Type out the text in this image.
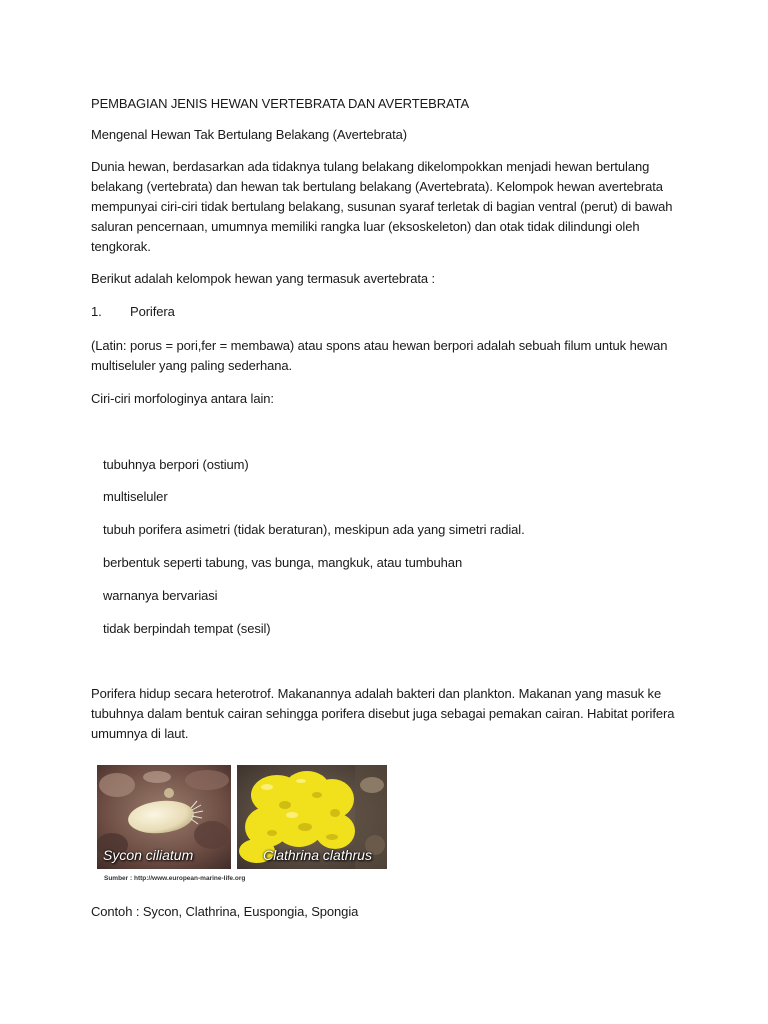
PEMBAGIAN JENIS HEWAN VERTEBRATA DAN AVERTEBRATA
Mengenal Hewan Tak Bertulang Belakang (Avertebrata)
Dunia hewan, berdasarkan ada tidaknya tulang belakang dikelompokkan menjadi hewan bertulang
belakang (vertebrata) dan hewan tak bertulang belakang (Avertebrata). Kelompok hewan avertebrata
mempunyai ciri-ciri tidak bertulang belakang, susunan syaraf terletak di bagian ventral (perut) di bawah
saluran pencernaan, umumnya memiliki rangka luar (eksoskeleton) dan otak tidak dilindungi oleh
tengkorak.
Berikut adalah kelompok hewan yang termasuk avertebrata :
1. Porifera
(Latin: porus = pori,fer = membawa) atau spons atau hewan berpori adalah sebuah filum untuk hewan
multiseluler yang paling sederhana.
Ciri-ciri morfologinya antara lain:
tubuhnya berpori (ostium)
multiseluler
tubuh porifera asimetri (tidak beraturan), meskipun ada yang simetri radial.
berbentuk seperti tabung, vas bunga, mangkuk, atau tumbuhan
warnanya bervariasi
tidak berpindah tempat (sesil)
Porifera hidup secara heterotrof. Makanannya adalah bakteri dan plankton. Makanan yang masuk ke
tubuhnya dalam bentuk cairan sehingga porifera disebut juga sebagai pemakan cairan. Habitat porifera
umumnya di laut.
Sycon ciliatum	Clathrina clathrus
Sumber : http://www.european-marine-life.org
Contoh : Sycon, Clathrina, Euspongia, Spongia
